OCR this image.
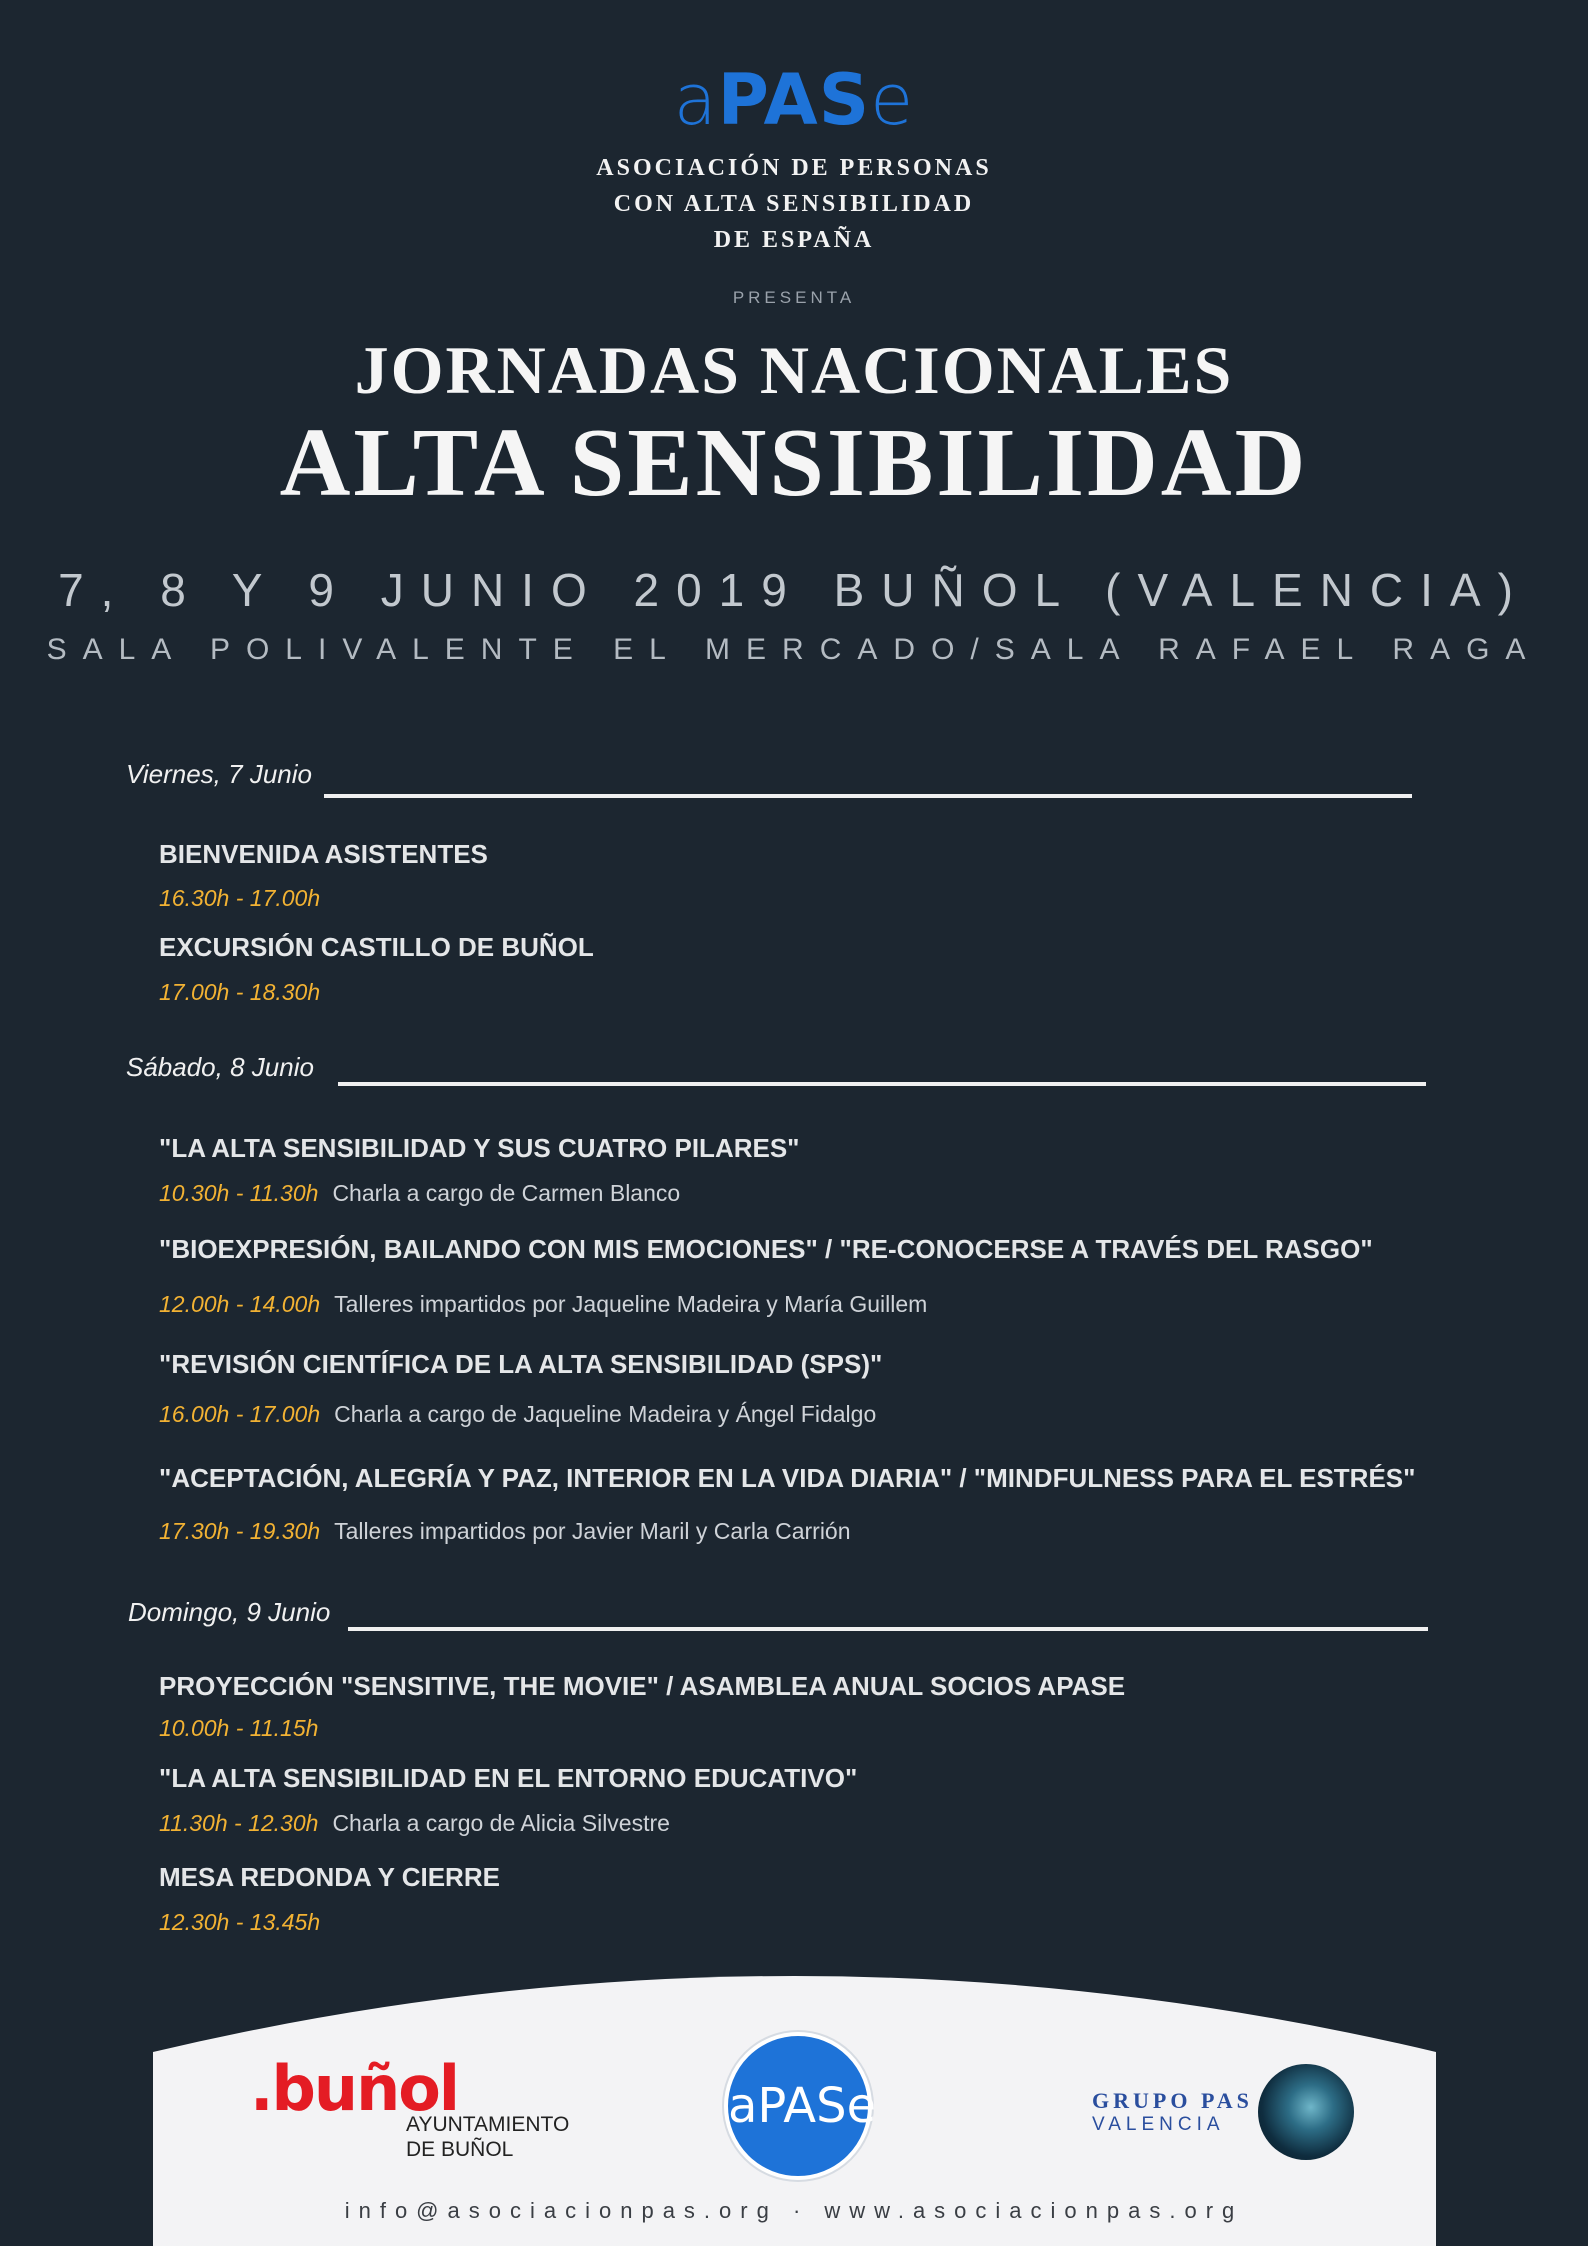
aPASe
ASOCIACIÓN DE PERSONAS
CON ALTA SENSIBILIDAD
DE ESPAÑA
PRESENTA
JORNADAS NACIONALES
ALTA SENSIBILIDAD
7, 8 Y 9 JUNIO 2019 BUÑOL (VALENCIA)
SALA POLIVALENTE EL MERCADO/SALA RAFAEL RAGA
Viernes, 7 Junio
BIENVENIDA ASISTENTES
16.30h - 17.00h
EXCURSIÓN CASTILLO DE BUÑOL
17.00h - 18.30h
Sábado, 8 Junio
"LA ALTA SENSIBILIDAD Y SUS CUATRO PILARES"
10.30h - 11.30h Charla a cargo de Carmen Blanco
"BIOEXPRESIÓN, BAILANDO CON MIS EMOCIONES" / "RE-CONOCERSE A TRAVÉS DEL RASGO"
12.00h - 14.00h Talleres impartidos por Jaqueline Madeira y María Guillem
"REVISIÓN CIENTÍFICA DE LA ALTA SENSIBILIDAD (SPS)"
16.00h - 17.00h Charla a cargo de Jaqueline Madeira y Ángel Fidalgo
"ACEPTACIÓN, ALEGRÍA Y PAZ, INTERIOR EN LA VIDA DIARIA" / "MINDFULNESS PARA EL ESTRÉS"
17.30h - 19.30h Talleres impartidos por Javier Maril y Carla Carrión
Domingo, 9 Junio
PROYECCIÓN "SENSITIVE, THE MOVIE" / ASAMBLEA ANUAL SOCIOS APASE
10.00h - 11.15h
"LA ALTA SENSIBILIDAD EN EL ENTORNO EDUCATIVO"
11.30h - 12.30h Charla a cargo de Alicia Silvestre
MESA REDONDA Y CIERRE
12.30h - 13.45h
.buñol
AYUNTAMIENTO
DE BUÑOL
aPASe	GRUPO PAS
VALENCIA
info@asociacionpas.org · www.asociacionpas.org
